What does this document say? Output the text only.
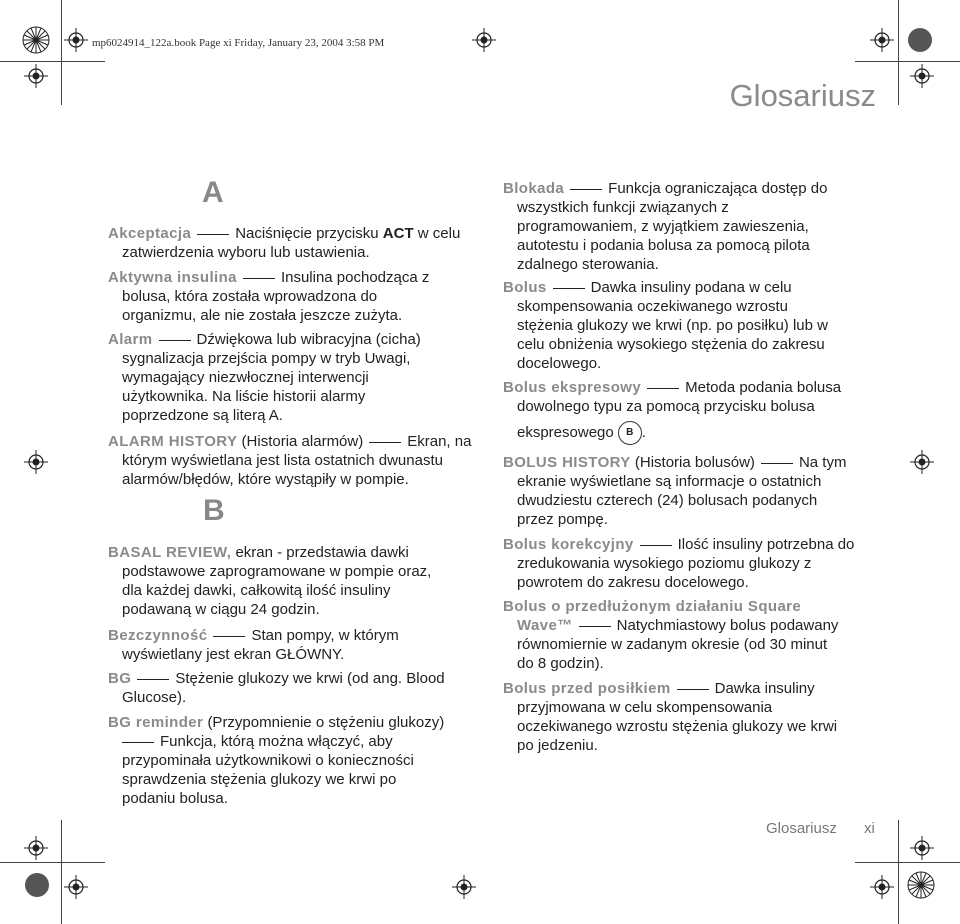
mp6024914_122a.book Page xi Friday, January 23, 2004 3:58 PM
Glosariusz
A
B
Akceptacja	Naciśnięcie przycisku ACT w celu
zatwierdzenia wyboru lub ustawienia.
Aktywna insulina	Insulina pochodząca z
bolusa, która została wprowadzona do
organizmu, ale nie została jeszcze zużyta.
Alarm	Dźwiękowa lub wibracyjna (cicha)
sygnalizacja przejścia pompy w tryb Uwagi,
wymagający niezwłocznej interwencji
użytkownika. Na liście historii alarmy
poprzedzone są literą A.
ALARM HISTORY (Historia alarmów)	Ekran, na
którym wyświetlana jest lista ostatnich dwunastu
alarmów/błędów, które wystąpiły w pompie.
BASAL REVIEW, ekran - przedstawia dawki
podstawowe zaprogramowane w pompie oraz,
dla każdej dawki, całkowitą ilość insuliny
podawaną w ciągu 24 godzin.
Bezczynność	Stan pompy, w którym
wyświetlany jest ekran GŁÓWNY.
BG	Stężenie glukozy we krwi (od ang. Blood
Glucose).
BG reminder (Przypomnienie o stężeniu glukozy)
Funkcja, którą można włączyć, aby
przypominała użytkownikowi o konieczności
sprawdzenia stężenia glukozy we krwi po
podaniu bolusa.
Blokada	Funkcja ograniczająca dostęp do
wszystkich funkcji związanych z
programowaniem, z wyjątkiem zawieszenia,
autotestu i podania bolusa za pomocą pilota
zdalnego sterowania.
Bolus	Dawka insuliny podana w celu
skompensowania oczekiwanego wzrostu
stężenia glukozy we krwi (np. po posiłku) lub w
celu obniżenia wysokiego stężenia do zakresu
docelowego.
Bolus ekspresowy	Metoda podania bolusa
dowolnego typu za pomocą przycisku bolusa
ekspresowego B .
BOLUS HISTORY (Historia bolusów)	Na tym
ekranie wyświetlane są informacje o ostatnich
dwudziestu czterech (24) bolusach podanych
przez pompę.
Bolus korekcyjny	Ilość insuliny potrzebna do
zredukowania wysokiego poziomu glukozy z
powrotem do zakresu docelowego.
Bolus o przedłużonym działaniu Square
Wave™	Natychmiastowy bolus podawany
równomiernie w zadanym okresie (od 30 minut
do 8 godzin).
Bolus przed posiłkiem	Dawka insuliny
przyjmowana w celu skompensowania
oczekiwanego wzrostu stężenia glukozy we krwi
po jedzeniu.
Glosariusz xi
